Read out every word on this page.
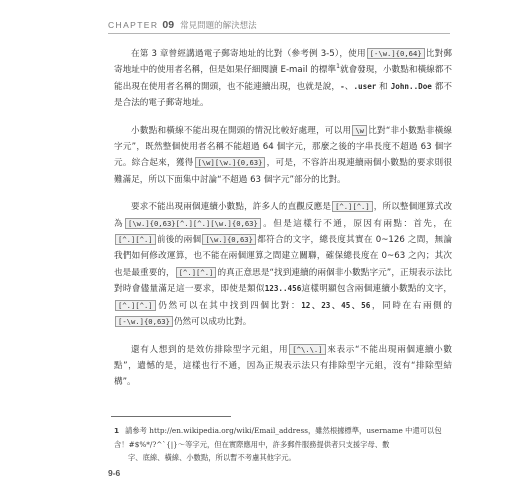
CHAPTER 09 常見問題的解決想法

在第 3 章曾經講過電子郵寄地址的比對（參考例 3-5），使用 [-\w.]{0,64} 比對郵寄地址中的使用者名稱，但是如果仔細閱讀 E-mail 的標準$^1$就會發現，小數點和橫線都不能出現在使用者名稱的開頭，也不能連續出現，也就是說，-、.user 和 John..Doe 都不是合法的電子郵寄地址。

小數點和橫線不能出現在開頭的情況比較好處理，可以用 \w 比對“非小數點非橫線字元”，既然整個使用者名稱不能超過 64 個字元，那麼之後的字串長度不超過 63 個字元。綜合起來，獲得 [\w][\w.]{0,63} ，可是，不容許出現連續兩個小數點的要求則很難滿足，所以下面集中討論“不超過 63 個字元”部分的比對。

要求不能出現兩個連續小數點，許多人的直觀反應是 [^.][^.] ，所以整個運算式改為 [\w.]{0,63}[^.][^.][\w.]{0,63} 。但是這樣行不通，原因有兩點：首先，在[^.][^.] 前後的兩個 [\w.]{0,63} 都符合的文字，總長度其實在 0~126 之間，無論我們如何修改運算，也不能在兩個運算之間建立關聯，確保總長度在 0~63 之內；其次也是最重要的， [^.][^.] 的真正意思是“找到連續的兩個非小數點字元”，正規表示法比對時會儘量滿足這一要求，即使是類似123..456這樣明顯包含兩個連續小數點的文字，[^.][^.] 仍然可以在其中找到四個比對：12、23、45、56，同時在右兩側的[-\w.]{0,63} 仍然可以成功比對。

還有人想到的是效仿排除型字元組，用 [^\.\.] 來表示“不能出現兩個連續小數點”，遺憾的是，這樣也行不通，因為正規表示法只有排除型字元組，沒有“排除型結構”。

1 請參考 http://en.wikipedia.org/wiki/Email_address，雖然根據標準，username 中還可以包含！#$%*/?^`{|}～等字元，但在實際應用中，許多郵件服務提供者只支援字母、數
字、底線、橫線、小數點，所以暫不考慮其他字元。
9-6
